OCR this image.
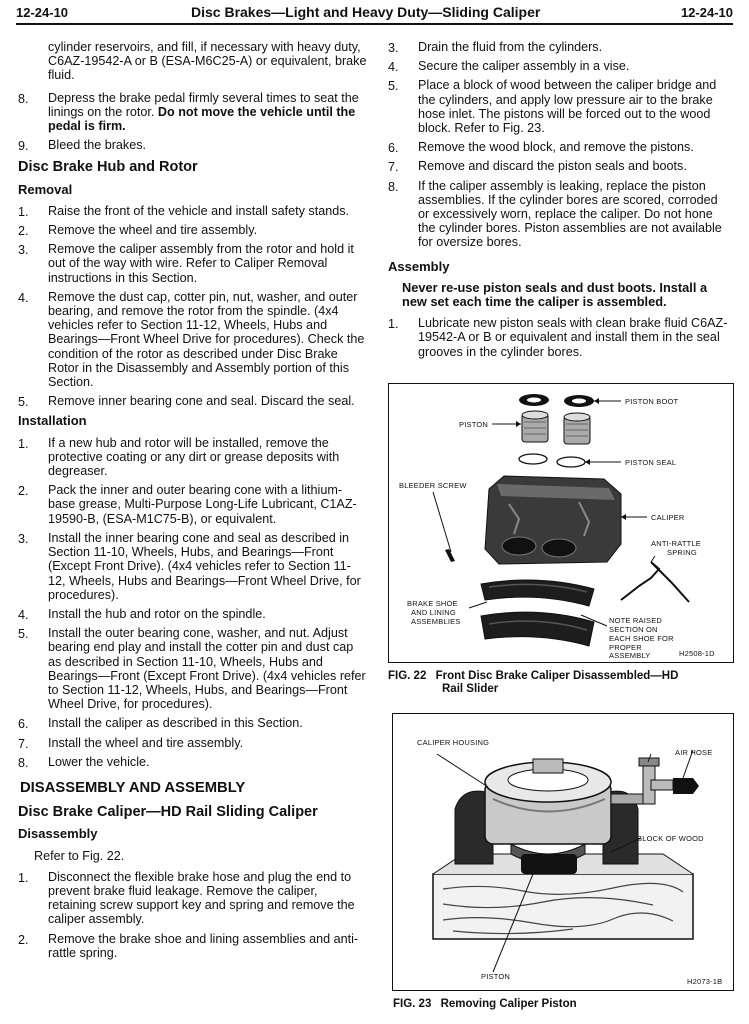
12-24-10	Disc Brakes—Light and Heavy Duty—Sliding Caliper	12-24-10
cylinder reservoirs, and fill, if necessary with heavy duty, C6AZ-19542-A or B (ESA-M6C25-A) or equivalent, brake fluid.
8. Depress the brake pedal firmly several times to seat the linings on the rotor. Do not move the vehicle until the pedal is firm.
9. Bleed the brakes.
Disc Brake Hub and Rotor
Removal
1. Raise the front of the vehicle and install safety stands.
2. Remove the wheel and tire assembly.
3. Remove the caliper assembly from the rotor and hold it out of the way with wire. Refer to Caliper Removal instructions in this Section.
4. Remove the dust cap, cotter pin, nut, washer, and outer bearing, and remove the rotor from the spindle. (4x4 vehicles refer to Section 11-12, Wheels, Hubs and Bearings—Front Wheel Drive for procedures). Check the condition of the rotor as described under Disc Brake Rotor in the Disassembly and Assembly portion of this Section.
5. Remove inner bearing cone and seal. Discard the seal.
Installation
1. If a new hub and rotor will be installed, remove the protective coating or any dirt or grease deposits with degreaser.
2. Pack the inner and outer bearing cone with a lithium-base grease, Multi-Purpose Long-Life Lubricant, C1AZ-19590-B, (ESA-M1C75-B), or equivalent.
3. Install the inner bearing cone and seal as described in Section 11-10, Wheels, Hubs, and Bearings—Front (Except Front Drive). (4x4 vehicles refer to Section 11-12, Wheels, Hubs and Bearings—Front Wheel Drive, for procedures).
4. Install the hub and rotor on the spindle.
5. Install the outer bearing cone, washer, and nut. Adjust bearing end play and install the cotter pin and dust cap as described in Section 11-10, Wheels, Hubs and Bearings—Front (Except Front Drive). (4x4 vehicles refer to Section 11-12, Wheels, Hubs, and Bearings—Front Wheel Drive, for procedures).
6. Install the caliper as described in this Section.
7. Install the wheel and tire assembly.
8. Lower the vehicle.
DISASSEMBLY AND ASSEMBLY
Disc Brake Caliper—HD Rail Sliding Caliper
Disassembly
Refer to Fig. 22.
1. Disconnect the flexible brake hose and plug the end to prevent brake fluid leakage. Remove the caliper, retaining screw support key and spring and remove the caliper assembly.
2. Remove the brake shoe and lining assemblies and anti-rattle spring.
3. Drain the fluid from the cylinders.
4. Secure the caliper assembly in a vise.
5. Place a block of wood between the caliper bridge and the cylinders, and apply low pressure air to the brake hose inlet. The pistons will be forced out to the wood block. Refer to Fig. 23.
6. Remove the wood block, and remove the pistons.
7. Remove and discard the piston seals and boots.
8. If the caliper assembly is leaking, replace the piston assemblies. If the cylinder bores are scored, corroded or excessively worn, replace the caliper. Do not hone the cylinder bores. Piston assemblies are not available for oversize bores.
Assembly
Never re-use piston seals and dust boots. Install a new set each time the caliper is assembled.
1. Lubricate new piston seals with clean brake fluid C6AZ-19542-A or B or equivalent and install them in the seal grooves in the cylinder bores.
PISTON BOOT
PISTON
PISTON SEAL
BLEEDER SCREW
CALIPER
ANTI-RATTLE
SPRING
BRAKE SHOE
AND LINING
ASSEMBLIES	NOTE RAISED
SECTION ON
EACH SHOE FOR
PROPER
ASSEMBLY	H2508-1D
FIG. 22 Front Disc Brake Caliper Disassembled—HD
Rail Slider
CALIPER HOUSING
AIR HOSE
BLOCK OF WOOD
PISTON
H2073-1B
FIG. 23 Removing Caliper Piston
